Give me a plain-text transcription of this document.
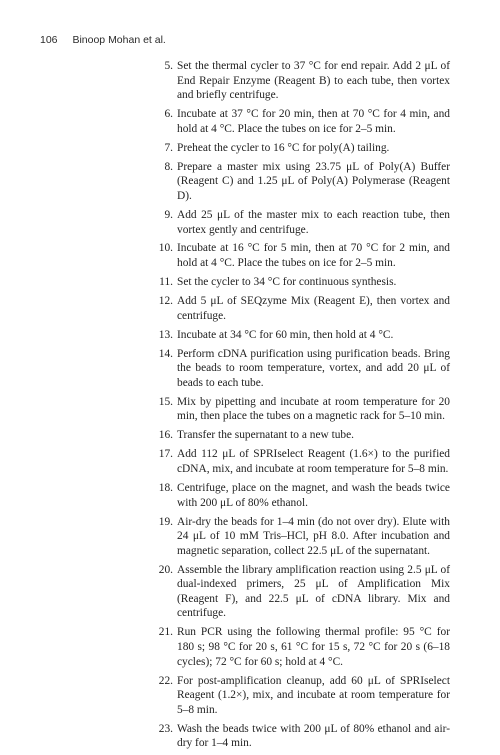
106 Binoop Mohan et al.
5. Set the thermal cycler to 37 °C for end repair. Add 2 μL of End Repair Enzyme (Reagent B) to each tube, then vortex and briefly centrifuge.
6. Incubate at 37 °C for 20 min, then at 70 °C for 4 min, and hold at 4 °C. Place the tubes on ice for 2–5 min.
7. Preheat the cycler to 16 °C for poly(A) tailing.
8. Prepare a master mix using 23.75 μL of Poly(A) Buffer (Reagent C) and 1.25 μL of Poly(A) Polymerase (Reagent D).
9. Add 25 μL of the master mix to each reaction tube, then vortex gently and centrifuge.
10. Incubate at 16 °C for 5 min, then at 70 °C for 2 min, and hold at 4 °C. Place the tubes on ice for 2–5 min.
11. Set the cycler to 34 °C for continuous synthesis.
12. Add 5 μL of SEQzyme Mix (Reagent E), then vortex and centrifuge.
13. Incubate at 34 °C for 60 min, then hold at 4 °C.
14. Perform cDNA purification using purification beads. Bring the beads to room temperature, vortex, and add 20 μL of beads to each tube.
15. Mix by pipetting and incubate at room temperature for 20 min, then place the tubes on a magnetic rack for 5–10 min.
16. Transfer the supernatant to a new tube.
17. Add 112 μL of SPRIselect Reagent (1.6×) to the purified cDNA, mix, and incubate at room temperature for 5–8 min.
18. Centrifuge, place on the magnet, and wash the beads twice with 200 μL of 80% ethanol.
19. Air-dry the beads for 1–4 min (do not over dry). Elute with 24 μL of 10 mM Tris–HCl, pH 8.0. After incubation and magnetic separation, collect 22.5 μL of the supernatant.
20. Assemble the library amplification reaction using 2.5 μL of dual-indexed primers, 25 μL of Amplification Mix (Reagent F), and 22.5 μL of cDNA library. Mix and centrifuge.
21. Run PCR using the following thermal profile: 95 °C for 180 s; 98 °C for 20 s, 61 °C for 15 s, 72 °C for 20 s (6–18 cycles); 72 °C for 60 s; hold at 4 °C.
22. For post-amplification cleanup, add 60 μL of SPRIselect Reagent (1.2×), mix, and incubate at room temperature for 5–8 min.
23. Wash the beads twice with 200 μL of 80% ethanol and air-dry for 1–4 min.
